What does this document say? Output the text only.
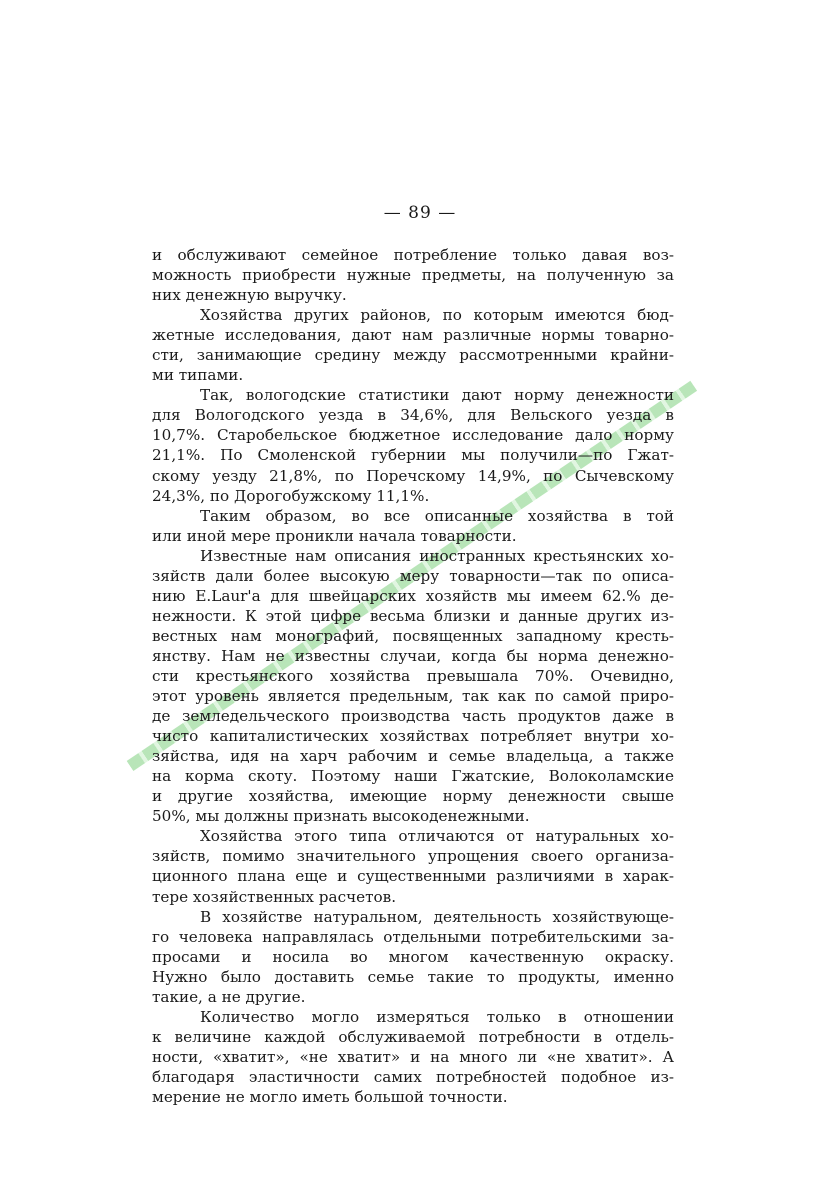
— 89 —

и обслуживают семейное потребление только давая воз-
можность приобрести нужные предметы, на полученную за
них денежную выручку.

Хозяйства других районов, по которым имеются бюд-
жетные исследования, дают нам различные нормы товарно-
сти, занимающие средину между рассмотренными крайни-
ми типами.

Так, вологодские статистики дают норму денежности
для Вологодского уезда в 34,6%, для Вельского уезда в
10,7%. Старобельское бюджетное исследование дало норму
21,1%. По Смоленской губернии мы получили—по Гжат-
скому уезду 21,8%, по Поречскому 14,9%, по Сычевскому
24,3%, по Дорогобужскому 11,1%.

Таким образом, во все описанные хозяйства в той
или иной мере проникли начала товарности.

Известные нам описания иностранных крестьянских хо-
зяйств дали более высокую меру товарности—так по описа-
нию E.Laur'a для швейцарских хозяйств мы имеем 62.% де-
нежности. К этой цифре весьма близки и данные других из-
вестных нам монографий, посвященных западному кресть-
янству. Нам не известны случаи, когда бы норма денежно-
сти крестьянского хозяйства превышала 70%. Очевидно,
этот уровень является предельным, так как по самой приро-
де земледельческого производства часть продуктов даже в
чисто капиталистических хозяйствах потребляет внутри хо-
зяйства, идя на харч рабочим и семье владельца, а также
на корма скоту. Поэтому наши Гжатские, Волоколамские
и другие хозяйства, имеющие норму денежности свыше
50%, мы должны признать высокоденежными.

Хозяйства этого типа отличаются от натуральных хо-
зяйств, помимо значительного упрощения своего организа-
ционного плана еще и существенными различиями в харак-
тере хозяйственных расчетов.

В хозяйстве натуральном, деятельность хозяйствующе-
го человека направлялась отдельными потребительскими за-
просами и носила во многом качественную окраску.
Нужно было доставить семье такие то продукты, именно
такие, а не другие.

Количество могло измеряться только в отношении
к величине каждой обслуживаемой потребности в отдель-
ности, «хватит», «не хватит» и на много ли «не хватит». А
благодаря эластичности самих потребностей подобное из-
мерение не могло иметь большой точности.
